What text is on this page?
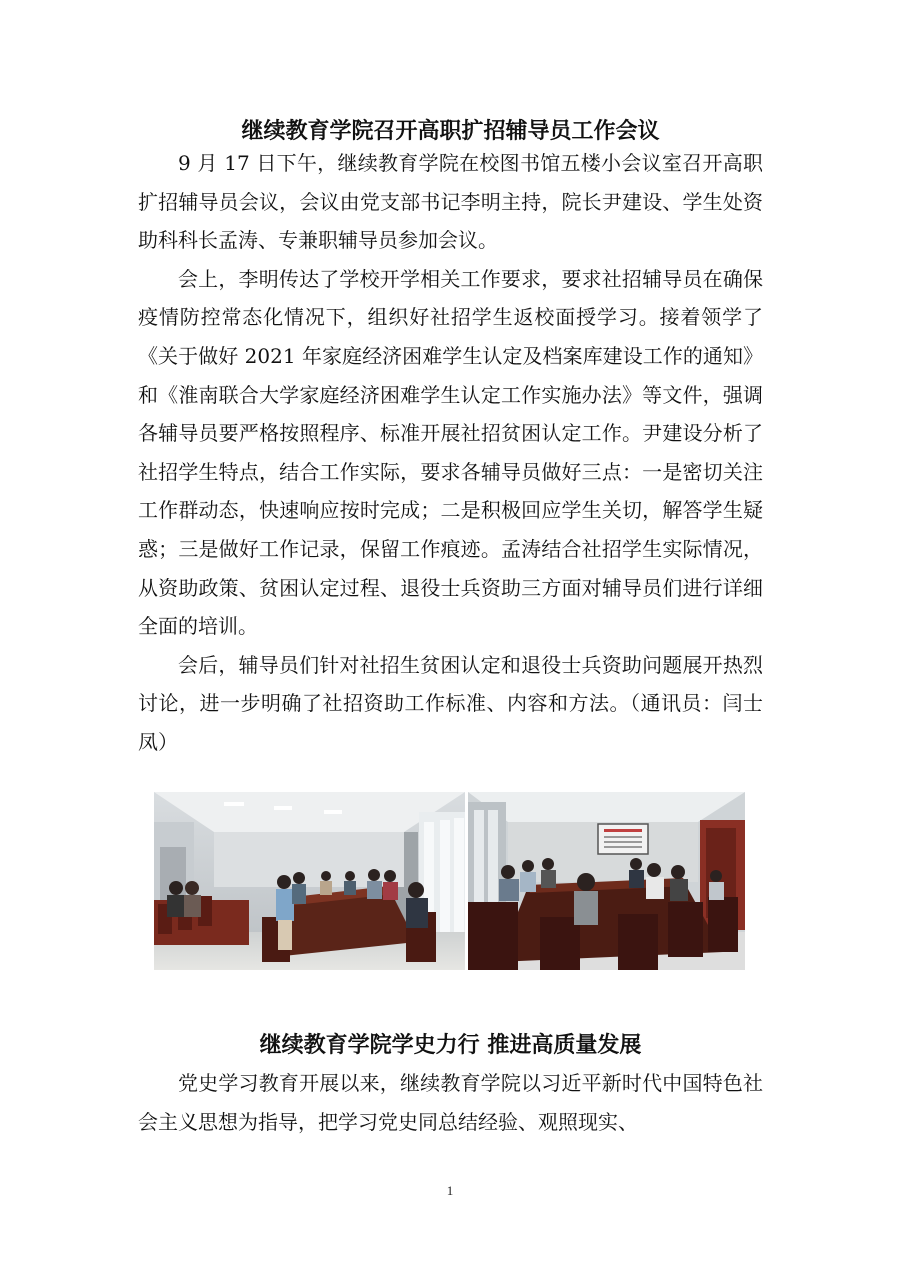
继续教育学院召开高职扩招辅导员工作会议

9 月 17 日下午，继续教育学院在校图书馆五楼小会议室召开高职扩招辅导员会议，会议由党支部书记李明主持，院长尹建设、学生处资助科科长孟涛、专兼职辅导员参加会议。

会上，李明传达了学校开学相关工作要求，要求社招辅导员在确保疫情防控常态化情况下，组织好社招学生返校面授学习。接着领学了《关于做好 2021 年家庭经济困难学生认定及档案库建设工作的通知》和《淮南联合大学家庭经济困难学生认定工作实施办法》等文件，强调各辅导员要严格按照程序、标准开展社招贫困认定工作。尹建设分析了社招学生特点，结合工作实际，要求各辅导员做好三点：一是密切关注工作群动态，快速响应按时完成；二是积极回应学生关切，解答学生疑惑；三是做好工作记录，保留工作痕迹。孟涛结合社招学生实际情况，从资助政策、贫困认定过程、退役士兵资助三方面对辅导员们进行详细全面的培训。

会后，辅导员们针对社招生贫困认定和退役士兵资助问题展开热烈讨论，进一步明确了社招资助工作标准、内容和方法。（通讯员：闫士凤）

继续教育学院学史力行 推进高质量发展

党史学习教育开展以来，继续教育学院以习近平新时代中国特色社会主义思想为指导，把学习党史同总结经验、观照现实、

1
